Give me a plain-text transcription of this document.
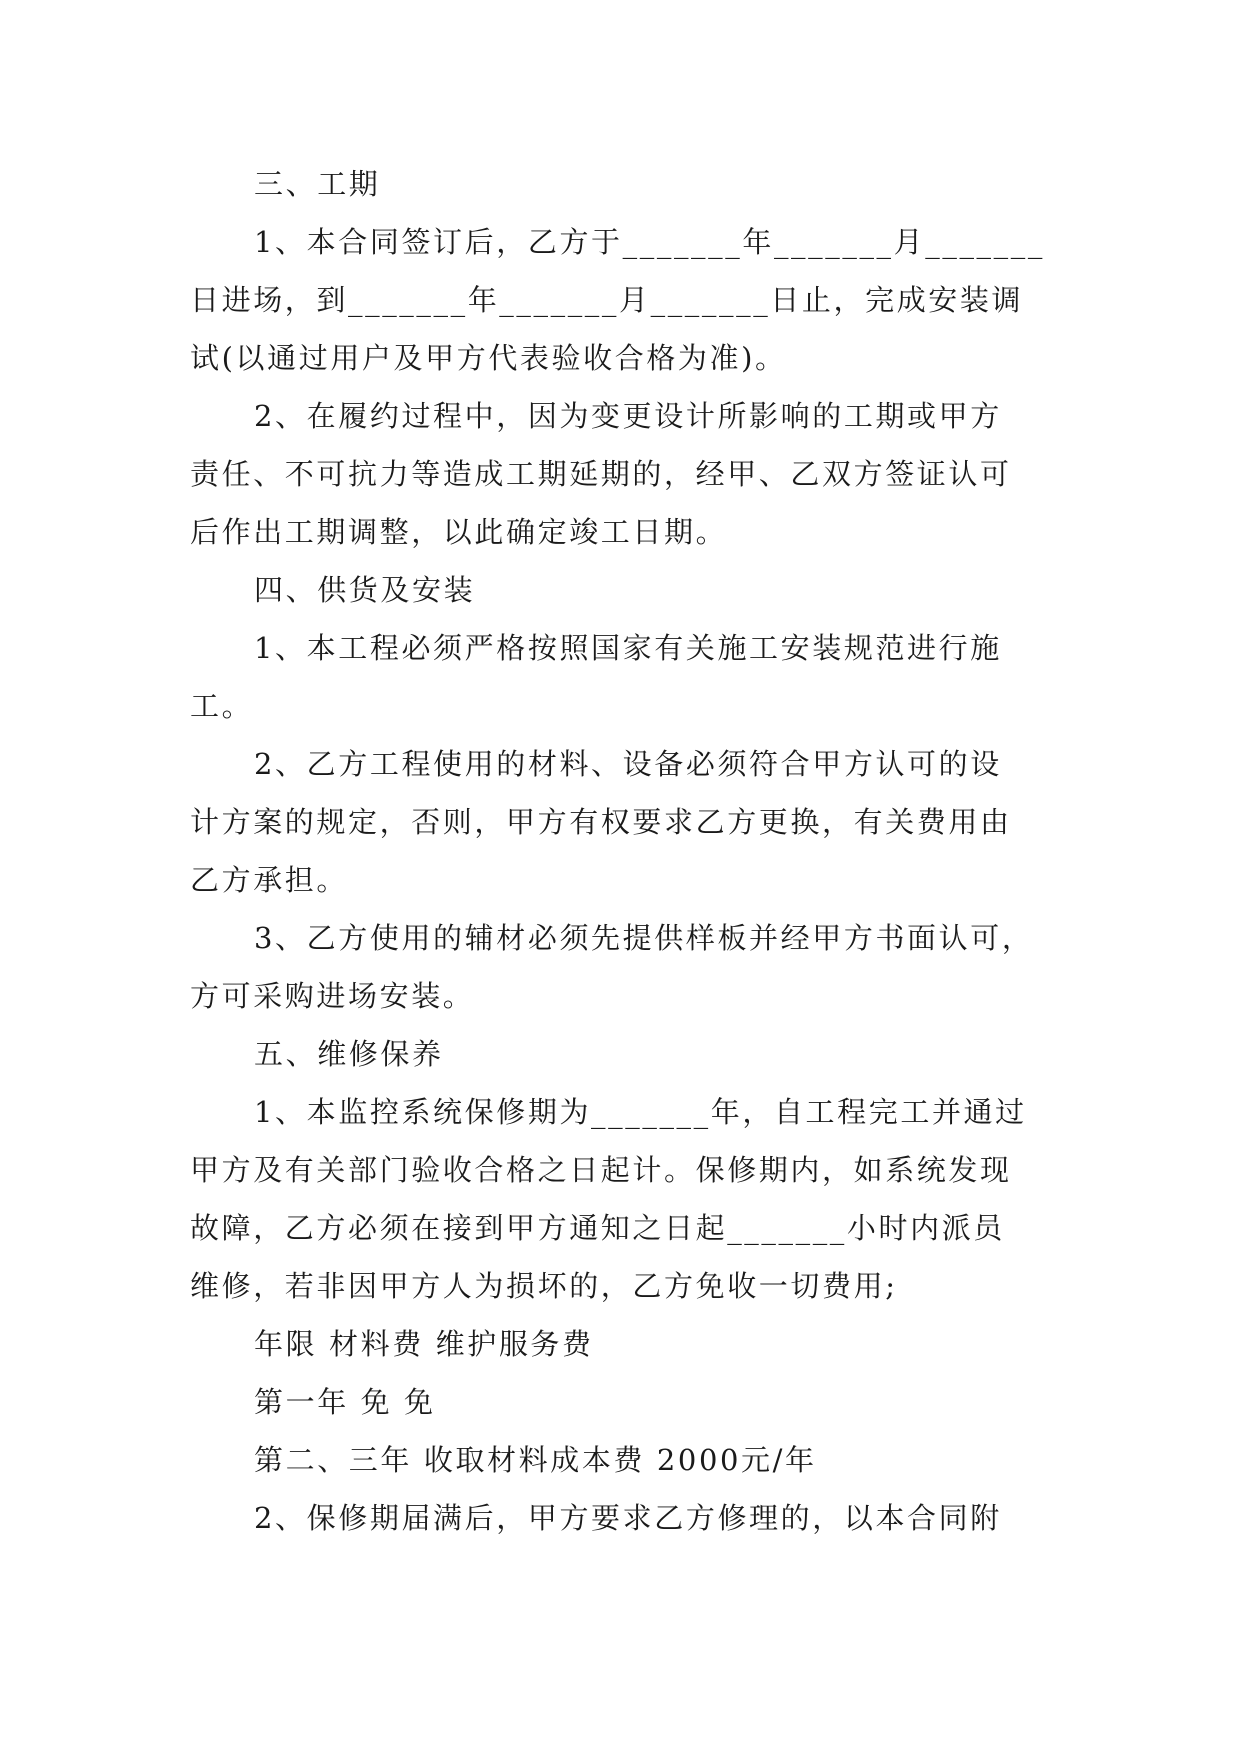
三、工期
1、本合同签订后，乙方于_______年_______月_______
日进场，到_______年_______月_______日止，完成安装调
试(以通过用户及甲方代表验收合格为准)。
2、在履约过程中，因为变更设计所影响的工期或甲方
责任、不可抗力等造成工期延期的，经甲、乙双方签证认可
后作出工期调整，以此确定竣工日期。
四、供货及安装
1、本工程必须严格按照国家有关施工安装规范进行施
工。
2、乙方工程使用的材料、设备必须符合甲方认可的设
计方案的规定，否则，甲方有权要求乙方更换，有关费用由
乙方承担。
3、乙方使用的辅材必须先提供样板并经甲方书面认可，
方可采购进场安装。
五、维修保养
1、本监控系统保修期为_______年，自工程完工并通过
甲方及有关部门验收合格之日起计。保修期内，如系统发现
故障，乙方必须在接到甲方通知之日起_______小时内派员
维修，若非因甲方人为损坏的，乙方免收一切费用;
年限 材料费 维护服务费
第一年 免 免
第二、三年 收取材料成本费 2000元/年
2、保修期届满后，甲方要求乙方修理的，以本合同附
